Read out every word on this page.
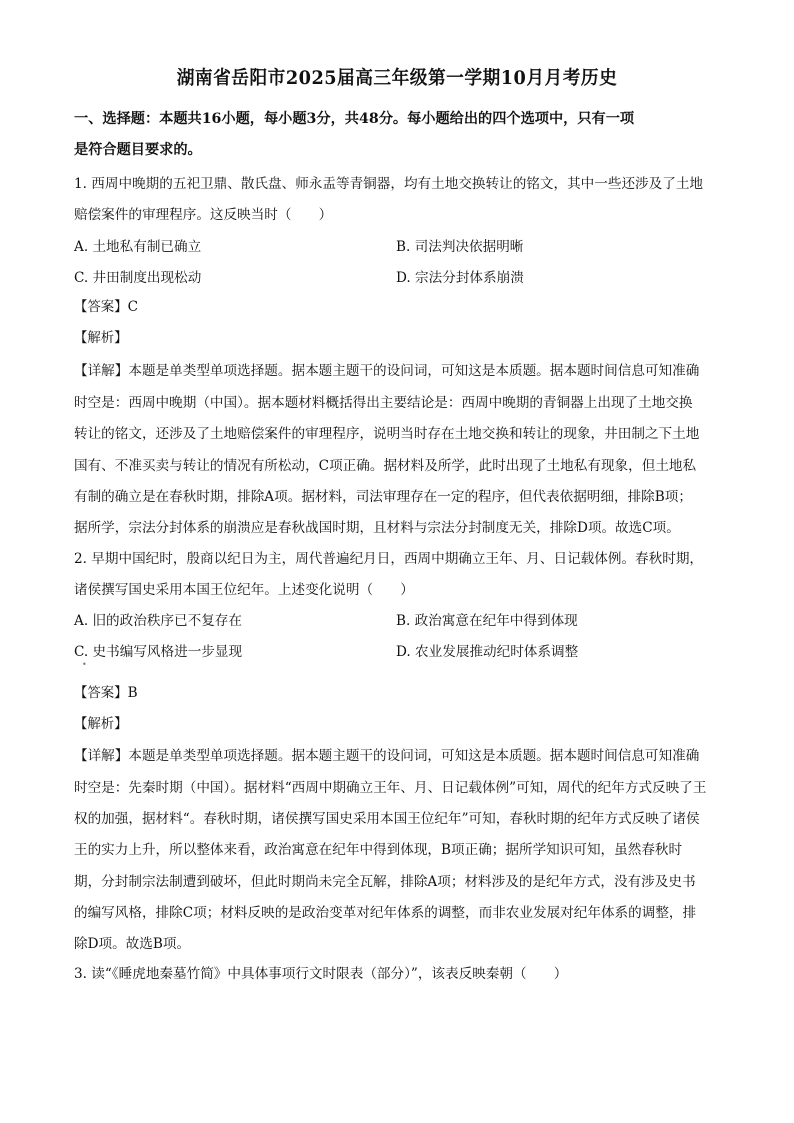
湖南省岳阳市2025届高三年级第一学期10月月考历史
一、选择题：本题共16小题，每小题3分，共48分。每小题给出的四个选项中，只有一项
是符合题目要求的。
1. 西周中晚期的五祀卫鼎、散氏盘、师永盂等青铜器，均有土地交换转让的铭文，其中一些还涉及了土地
赔偿案件的审理程序。这反映当时（　　）
A. 土地私有制已确立	B. 司法判决依据明晰
C. 井田制度出现松动	D. 宗法分封体系崩溃
【答案】C
【解析】
【详解】本题是单类型单项选择题。据本题主题干的设问词，可知这是本质题。据本题时间信息可知准确
时空是：西周中晚期（中国）。据本题材料概括得出主要结论是：西周中晚期的青铜器上出现了土地交换
转让的铭文，还涉及了土地赔偿案件的审理程序，说明当时存在土地交换和转让的现象，井田制之下土地
国有、不准买卖与转让的情况有所松动，C项正确。据材料及所学，此时出现了土地私有现象，但土地私
有制的确立是在春秋时期，排除A项。据材料，司法审理存在一定的程序，但代表依据明细，排除B项；
据所学，宗法分封体系的崩溃应是春秋战国时期，且材料与宗法分封制度无关，排除D项。故选C项。
2. 早期中国纪时，殷商以纪日为主，周代普遍纪月日，西周中期确立王年、月、日记载体例。春秋时期，
诸侯撰写国史采用本国王位纪年。上述变化说明（　　）
A. 旧的政治秩序已不复存在	B. 政治寓意在纪年中得到体现
C. 史书编写风格进一步显现	D. 农业发展推动纪时体系调整
•
【答案】B
【解析】
【详解】本题是单类型单项选择题。据本题主题干的设问词，可知这是本质题。据本题时间信息可知准确
时空是：先秦时期（中国）。据材料“西周中期确立王年、月、日记载体例”可知，周代的纪年方式反映了王
权的加强，据材料“。春秋时期，诸侯撰写国史采用本国王位纪年”可知，春秋时期的纪年方式反映了诸侯
王的实力上升，所以整体来看，政治寓意在纪年中得到体现，B项正确；据所学知识可知，虽然春秋时
期，分封制宗法制遭到破坏，但此时期尚未完全瓦解，排除A项；材料涉及的是纪年方式，没有涉及史书
的编写风格，排除C项；材料反映的是政治变革对纪年体系的调整，而非农业发展对纪年体系的调整，排
除D项。故选B项。
3. 读“《睡虎地秦墓竹简》中具体事项行文时限表（部分）”，该表反映秦朝（　　）
